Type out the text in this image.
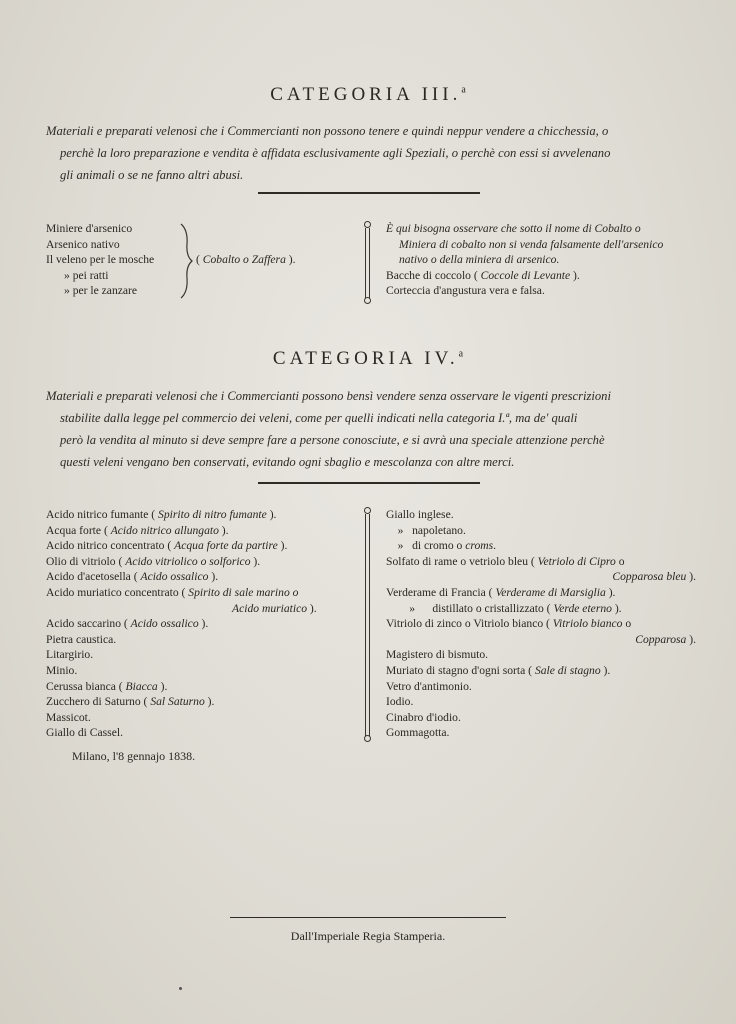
CATEGORIA III.$^a$
Materiali e preparati velenosi che i Commercianti non possono tenere e quindi neppur vendere a chicchessia, o
perchè la loro preparazione e vendita è affidata esclusivamente agli Speziali, o perchè con essi si avvelenano
gli animali o se ne fanno altri abusi.
Miniere d'arsenico
Arsenico nativo
Il veleno per le mosche
» pei ratti
» per le zanzare
( Cobalto o Zaffera ).
È qui bisogna osservare che sotto il nome di Cobalto o
Miniera di cobalto non si venda falsamente dell'arsenico
nativo o della miniera di arsenico.
Bacche di coccolo ( Coccole di Levante ).
Corteccia d'angustura vera e falsa.
CATEGORIA IV.$^a$
Materiali e preparati velenosi che i Commercianti possono bensì vendere senza osservare le vigenti prescrizioni
stabilite dalla legge pel commercio dei veleni, come per quelli indicati nella categoria I.ª, ma de' quali
però la vendita al minuto si deve sempre fare a persone conosciute, e si avrà una speciale attenzione perchè
questi veleni vengano ben conservati, evitando ogni sbaglio e mescolanza con altre merci.
Acido nitrico fumante ( Spirito di nitro fumante ).
Acqua forte ( Acido nitrico allungato ).
Acido nitrico concentrato ( Acqua forte da partire ).
Olio di vitriolo ( Acido vitriolico o solforico ).
Acido d'acetosella ( Acido ossalico ).
Acido muriatico concentrato ( Spirito di sale marino o
Acido muriatico ).
Acido saccarino ( Acido ossalico ).
Pietra caustica.
Litargirio.
Minio.
Cerussa bianca ( Biacca ).
Zucchero di Saturno ( Sal Saturno ).
Massicot.
Giallo di Cassel.
Giallo inglese.
»   napoletano.
»   di cromo o croms.
Solfato di rame o vetriolo bleu ( Vetriolo di Cipro o
Copparosa bleu ).
Verderame di Francia ( Verderame di Marsiglia ).
»      distillato o cristallizzato ( Verde eterno ).
Vitriolo di zinco o Vitriolo bianco ( Vitriolo bianco o
Copparosa ).
Magistero di bismuto.
Muriato di stagno d'ogni sorta ( Sale di stagno ).
Vetro d'antimonio.
Iodio.
Cinabro d'iodio.
Gommagotta.
Milano, l'8 gennajo 1838.
Dall'Imperiale Regia Stamperia.
